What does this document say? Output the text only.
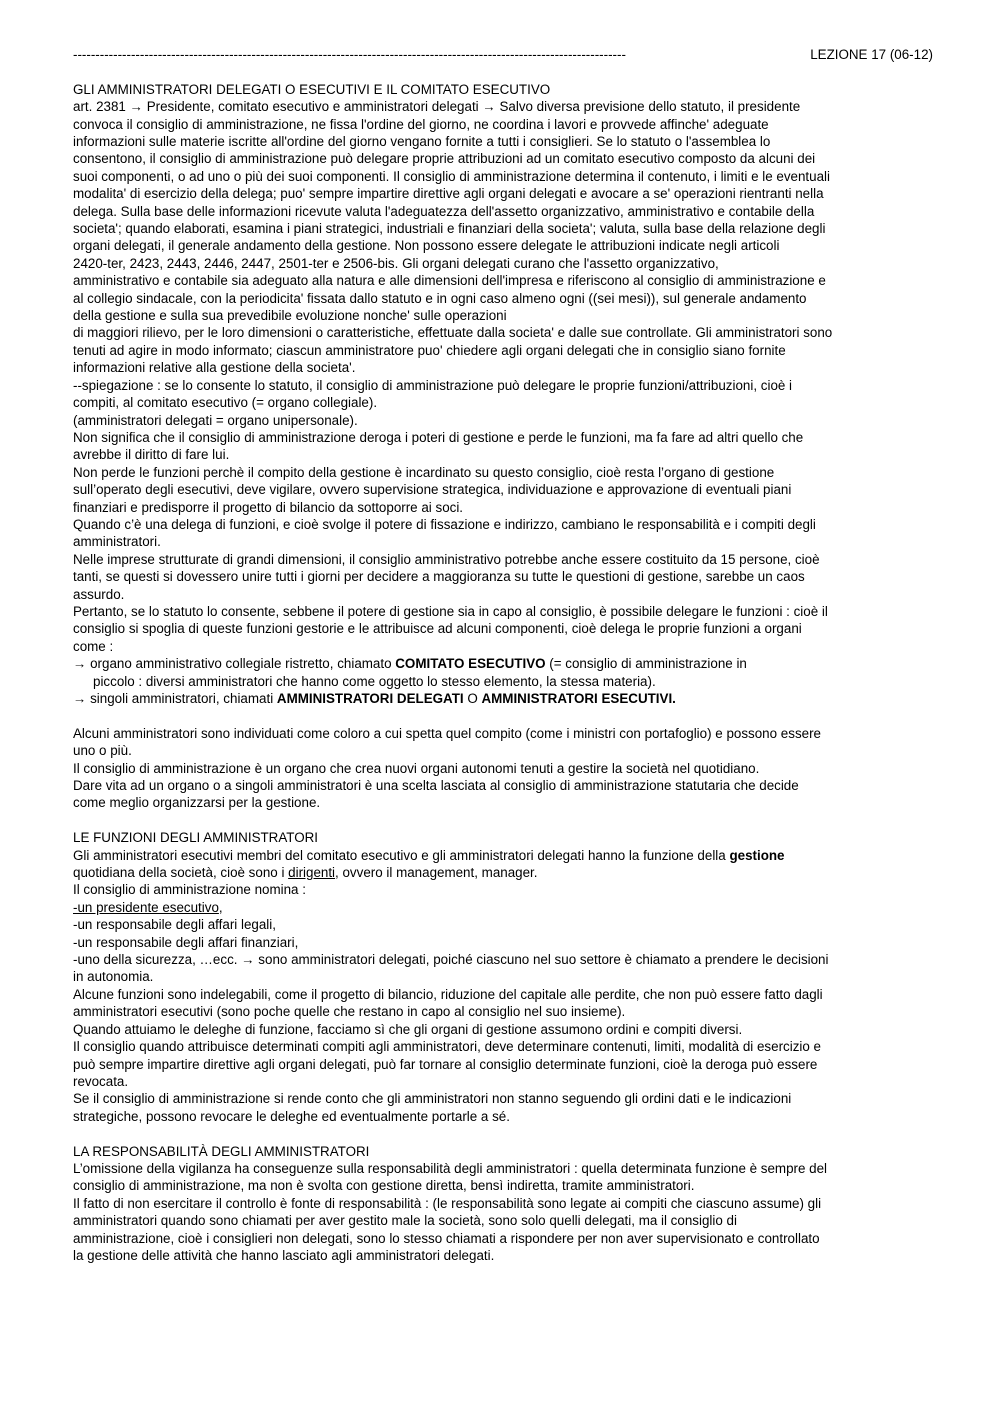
----------------------------------------------------------------------------------------------------------------------------	LEZIONE 17 (06-12)
GLI AMMINISTRATORI DELEGATI O ESECUTIVI E IL COMITATO ESECUTIVO
art. 2381 → Presidente, comitato esecutivo e amministratori delegati → Salvo diversa previsione dello statuto, il presidente
convoca il consiglio di amministrazione, ne fissa l'ordine del giorno, ne coordina i lavori e provvede affinche' adeguate
informazioni sulle materie iscritte all'ordine del giorno vengano fornite a tutti i consiglieri. Se lo statuto o l'assemblea lo
consentono, il consiglio di amministrazione può delegare proprie attribuzioni ad un comitato esecutivo composto da alcuni dei
suoi componenti, o ad uno o più dei suoi componenti. Il consiglio di amministrazione determina il contenuto, i limiti e le eventuali
modalita' di esercizio della delega; puo' sempre impartire direttive agli organi delegati e avocare a se' operazioni rientranti nella
delega. Sulla base delle informazioni ricevute valuta l'adeguatezza dell'assetto organizzativo, amministrativo e contabile della
societa'; quando elaborati, esamina i piani strategici, industriali e finanziari della societa'; valuta, sulla base della relazione degli
organi delegati, il generale andamento della gestione. Non possono essere delegate le attribuzioni indicate negli articoli
2420-ter, 2423, 2443, 2446, 2447, 2501-ter e 2506-bis. Gli organi delegati curano che l'assetto organizzativo,
amministrativo e contabile sia adeguato alla natura e alle dimensioni dell'impresa e riferiscono al consiglio di amministrazione e
al collegio sindacale, con la periodicita' fissata dallo statuto e in ogni caso almeno ogni ((sei mesi)), sul generale andamento
della gestione e sulla sua prevedibile evoluzione nonche' sulle operazioni
di maggiori rilievo, per le loro dimensioni o caratteristiche, effettuate dalla societa' e dalle sue controllate. Gli amministratori sono
tenuti ad agire in modo informato; ciascun amministratore puo' chiedere agli organi delegati che in consiglio siano fornite
informazioni relative alla gestione della societa'.
--spiegazione : se lo consente lo statuto, il consiglio di amministrazione può delegare le proprie funzioni/attribuzioni, cioè i
compiti, al comitato esecutivo (= organo collegiale).
(amministratori delegati = organo unipersonale).
Non significa che il consiglio di amministrazione deroga i poteri di gestione e perde le funzioni, ma fa fare ad altri quello che
avrebbe il diritto di fare lui.
Non perde le funzioni perchè il compito della gestione è incardinato su questo consiglio, cioè resta l’organo di gestione
sull’operato degli esecutivi, deve vigilare, ovvero supervisione strategica, individuazione e approvazione di eventuali piani
finanziari e predisporre il progetto di bilancio da sottoporre ai soci.
Quando c’è una delega di funzioni, e cioè svolge il potere di fissazione e indirizzo, cambiano le responsabilità e i compiti degli
amministratori.
Nelle imprese strutturate di grandi dimensioni, il consiglio amministrativo potrebbe anche essere costituito da 15 persone, cioè
tanti, se questi si dovessero unire tutti i giorni per decidere a maggioranza su tutte le questioni di gestione, sarebbe un caos
assurdo.
Pertanto, se lo statuto lo consente, sebbene il potere di gestione sia in capo al consiglio, è possibile delegare le funzioni : cioè il
consiglio si spoglia di queste funzioni gestorie e le attribuisce ad alcuni componenti, cioè delega le proprie funzioni a organi
come :
→ organo amministrativo collegiale ristretto, chiamato COMITATO ESECUTIVO (= consiglio di amministrazione in
piccolo : diversi amministratori che hanno come oggetto lo stesso elemento, la stessa materia).
→ singoli amministratori, chiamati AMMINISTRATORI DELEGATI O AMMINISTRATORI ESECUTIVI.
Alcuni amministratori sono individuati come coloro a cui spetta quel compito (come i ministri con portafoglio) e possono essere
uno o più.
Il consiglio di amministrazione è un organo che crea nuovi organi autonomi tenuti a gestire la società nel quotidiano.
Dare vita ad un organo o a singoli amministratori è una scelta lasciata al consiglio di amministrazione statutaria che decide
come meglio organizzarsi per la gestione.
LE FUNZIONI DEGLI AMMINISTRATORI
Gli amministratori esecutivi membri del comitato esecutivo e gli amministratori delegati hanno la funzione della gestione
quotidiana della società, cioè sono i dirigenti, ovvero il management, manager.
Il consiglio di amministrazione nomina :
-un presidente esecutivo,
-un responsabile degli affari legali,
-un responsabile degli affari finanziari,
-uno della sicurezza, …ecc. → sono amministratori delegati, poiché ciascuno nel suo settore è chiamato a prendere le decisioni
in autonomia.
Alcune funzioni sono indelegabili, come il progetto di bilancio, riduzione del capitale alle perdite, che non può essere fatto dagli
amministratori esecutivi (sono poche quelle che restano in capo al consiglio nel suo insieme).
Quando attuiamo le deleghe di funzione, facciamo sì che gli organi di gestione assumono ordini e compiti diversi.
Il consiglio quando attribuisce determinati compiti agli amministratori, deve determinare contenuti, limiti, modalità di esercizio e
può sempre impartire direttive agli organi delegati, può far tornare al consiglio determinate funzioni, cioè la deroga può essere
revocata.
Se il consiglio di amministrazione si rende conto che gli amministratori non stanno seguendo gli ordini dati e le indicazioni
strategiche, possono revocare le deleghe ed eventualmente portarle a sé.
LA RESPONSABILITÀ DEGLI AMMINISTRATORI
L’omissione della vigilanza ha conseguenze sulla responsabilità degli amministratori : quella determinata funzione è sempre del
consiglio di amministrazione, ma non è svolta con gestione diretta, bensì indiretta, tramite amministratori.
Il fatto di non esercitare il controllo è fonte di responsabilità : (le responsabilità sono legate ai compiti che ciascuno assume) gli
amministratori quando sono chiamati per aver gestito male la società, sono solo quelli delegati, ma il consiglio di
amministrazione, cioè i consiglieri non delegati, sono lo stesso chiamati a rispondere per non aver supervisionato e controllato
la gestione delle attività che hanno lasciato agli amministratori delegati.
